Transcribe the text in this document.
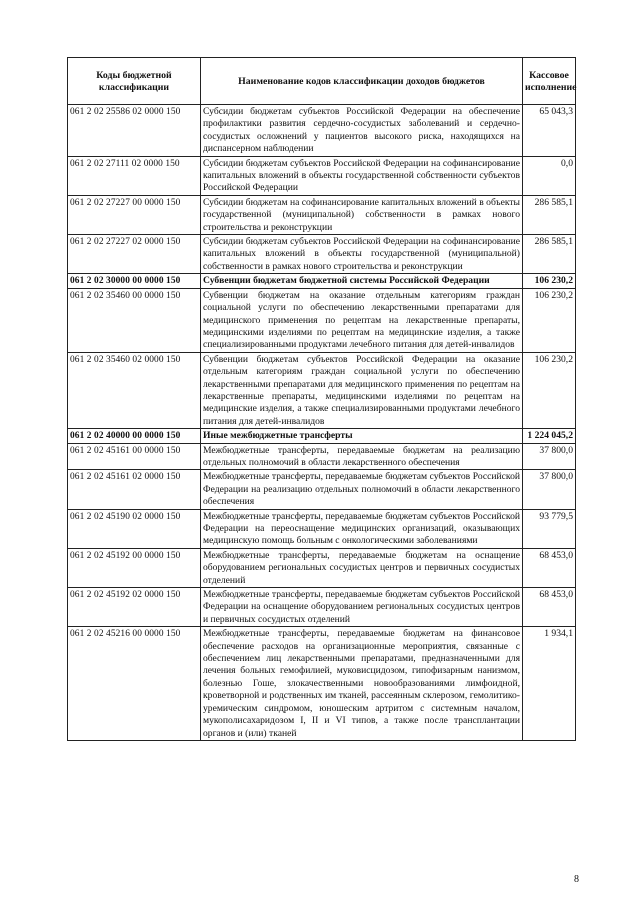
Коды бюджетной классификации	Наименование кодов классификации доходов бюджетов	Кассовое исполнение
061 2 02 25586 02 0000 150	Субсидии бюджетам субъектов Российской Федерации на обеспечение профилактики развития сердечно-сосудистых заболеваний и сердечно-сосудистых осложнений у пациентов высокого риска, находящихся на диспансерном наблюдении	65 043,3
061 2 02 27111 02 0000 150	Субсидии бюджетам субъектов Российской Федерации на софинансирование капитальных вложений в объекты государственной собственности субъектов Российской Федерации	0,0
061 2 02 27227 00 0000 150	Субсидии бюджетам на софинансирование капитальных вложений в объекты государственной (муниципальной) собственности в рамках нового строительства и реконструкции	286 585,1
061 2 02 27227 02 0000 150	Субсидии бюджетам субъектов Российской Федерации на софинансирование капитальных вложений в объекты государственной (муниципальной) собственности в рамках нового строительства и реконструкции	286 585,1
061 2 02 30000 00 0000 150	Субвенции бюджетам бюджетной системы Российской Федерации	106 230,2
061 2 02 35460 00 0000 150	Субвенции бюджетам на оказание отдельным категориям граждан социальной услуги по обеспечению лекарственными препаратами для медицинского применения по рецептам на лекарственные препараты, медицинскими изделиями по рецептам на медицинские изделия, а также специализированными продуктами лечебного питания для детей-инвалидов	106 230,2
061 2 02 35460 02 0000 150	Субвенции бюджетам субъектов Российской Федерации на оказание отдельным категориям граждан социальной услуги по обеспечению лекарственными препаратами для медицинского применения по рецептам на лекарственные препараты, медицинскими изделиями по рецептам на медицинские изделия, а также специализированными продуктами лечебного питания для детей-инвалидов	106 230,2
061 2 02 40000 00 0000 150	Иные межбюджетные трансферты	1 224 045,2
061 2 02 45161 00 0000 150	Межбюджетные трансферты, передаваемые бюджетам на реализацию отдельных полномочий в области лекарственного обеспечения	37 800,0
061 2 02 45161 02 0000 150	Межбюджетные трансферты, передаваемые бюджетам субъектов Российской Федерации на реализацию отдельных полномочий в области лекарственного обеспечения	37 800,0
061 2 02 45190 02 0000 150	Межбюджетные трансферты, передаваемые бюджетам субъектов Российской Федерации на переоснащение медицинских организаций, оказывающих медицинскую помощь больным с онкологическими заболеваниями	93 779,5
061 2 02 45192 00 0000 150	Межбюджетные трансферты, передаваемые бюджетам на оснащение оборудованием региональных сосудистых центров и первичных сосудистых отделений	68 453,0
061 2 02 45192 02 0000 150	Межбюджетные трансферты, передаваемые бюджетам субъектов Российской Федерации на оснащение оборудованием региональных сосудистых центров и первичных сосудистых отделений	68 453,0
061 2 02 45216 00 0000 150	Межбюджетные трансферты, передаваемые бюджетам на финансовое обеспечение расходов на организационные мероприятия, связанные с обеспечением лиц лекарственными препаратами, предназначенными для лечения больных гемофилией, муковисцидозом, гипофизарным нанизмом, болезнью Гоше, злокачественными новообразованиями лимфоидной, кроветворной и родственных им тканей, рассеянным склерозом, гемолитико-уремическим синдромом, юношеским артритом с системным началом, мукополисахаридозом I, II и VI типов, а также после трансплантации органов и (или) тканей	1 934,1
8
